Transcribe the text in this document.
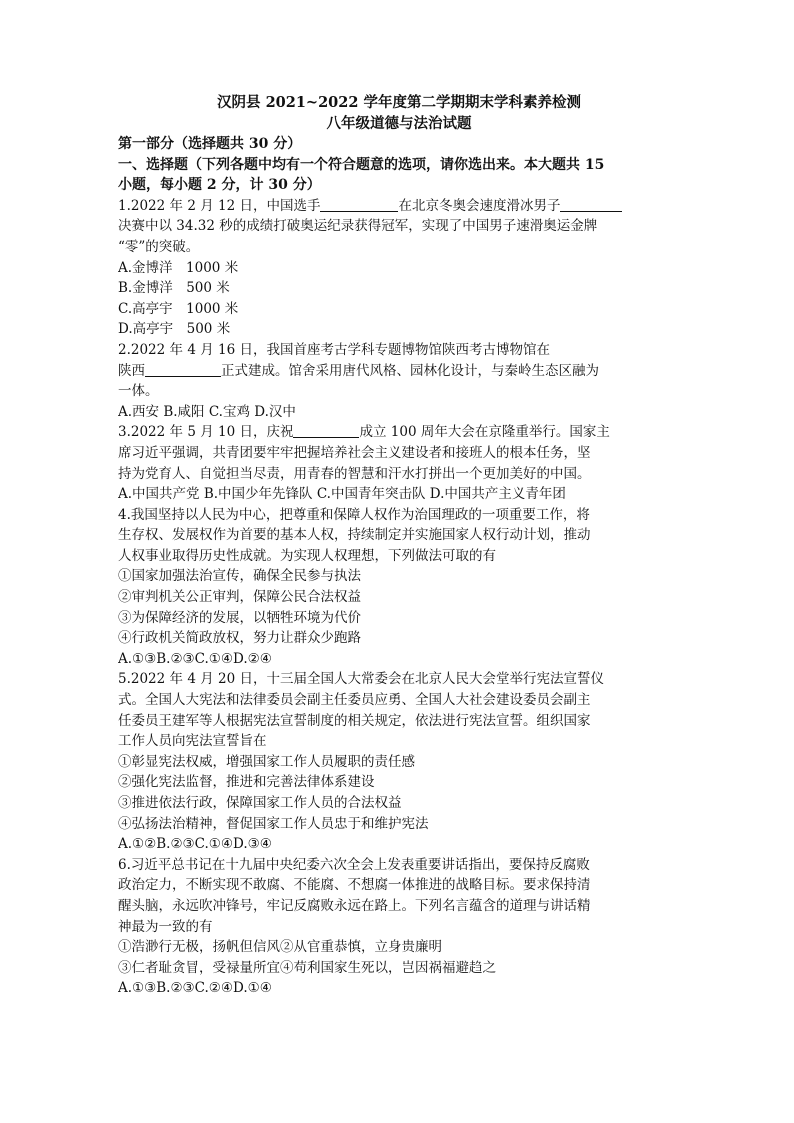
汉阴县 2021~2022 学年度第二学期期末学科素养检测
八年级道德与法治试题
第一部分（选择题共 30 分）
一、选择题（下列各题中均有一个符合题意的选项，请你选出来。本大题共 15
小题，每小题 2 分，计 30 分）
1.2022 年 2 月 12 日，中国选手	在北京冬奥会速度滑冰男子
决赛中以 34.32 秒的成绩打破奥运纪录获得冠军，实现了中国男子速滑奥运金牌
“零”的突破。
A.金博洋　1000 米
B.金博洋　500 米
C.高亭宇　1000 米
D.高亭宇　500 米
2.2022 年 4 月 16 日，我国首座考古学科专题博物馆陕西考古博物馆在
陕西	正式建成。馆舍采用唐代风格、园林化设计，与秦岭生态区融为
一体。
A.西安 B.咸阳 C.宝鸡 D.汉中
3.2022 年 5 月 10 日，庆祝	成立 100 周年大会在京隆重举行。国家主
席习近平强调，共青团要牢牢把握培养社会主义建设者和接班人的根本任务，坚
持为党育人、自觉担当尽责，用青春的智慧和汗水打拼出一个更加美好的中国。
A.中国共产党 B.中国少年先锋队 C.中国青年突击队 D.中国共产主义青年团
4.我国坚持以人民为中心，把尊重和保障人权作为治国理政的一项重要工作，将
生存权、发展权作为首要的基本人权，持续制定并实施国家人权行动计划，推动
人权事业取得历史性成就。为实现人权理想，下列做法可取的有
①国家加强法治宣传，确保全民参与执法
②审判机关公正审判，保障公民合法权益
③为保障经济的发展，以牺牲环境为代价
④行政机关简政放权，努力让群众少跑路
A.①③B.②③C.①④D.②④
5.2022 年 4 月 20 日，十三届全国人大常委会在北京人民大会堂举行宪法宣誓仪
式。全国人大宪法和法律委员会副主任委员应勇、全国人大社会建设委员会副主
任委员王建军等人根据宪法宣誓制度的相关规定，依法进行宪法宣誓。组织国家
工作人员向宪法宣誓旨在
①彰显宪法权威，增强国家工作人员履职的责任感
②强化宪法监督，推进和完善法律体系建设
③推进依法行政，保障国家工作人员的合法权益
④弘扬法治精神，督促国家工作人员忠于和维护宪法
A.①②B.②③C.①④D.③④
6.习近平总书记在十九届中央纪委六次全会上发表重要讲话指出，要保持反腐败
政治定力，不断实现不敢腐、不能腐、不想腐一体推进的战略目标。要求保持清
醒头脑，永远吹冲锋号，牢记反腐败永远在路上。下列名言蕴含的道理与讲话精
神最为一致的有
①浩渺行无极，扬帆但信风②从官重恭慎，立身贵廉明
③仁者耻贪冒，受禄量所宜④苟利国家生死以，岂因祸福避趋之
A.①③B.②③C.②④D.①④
